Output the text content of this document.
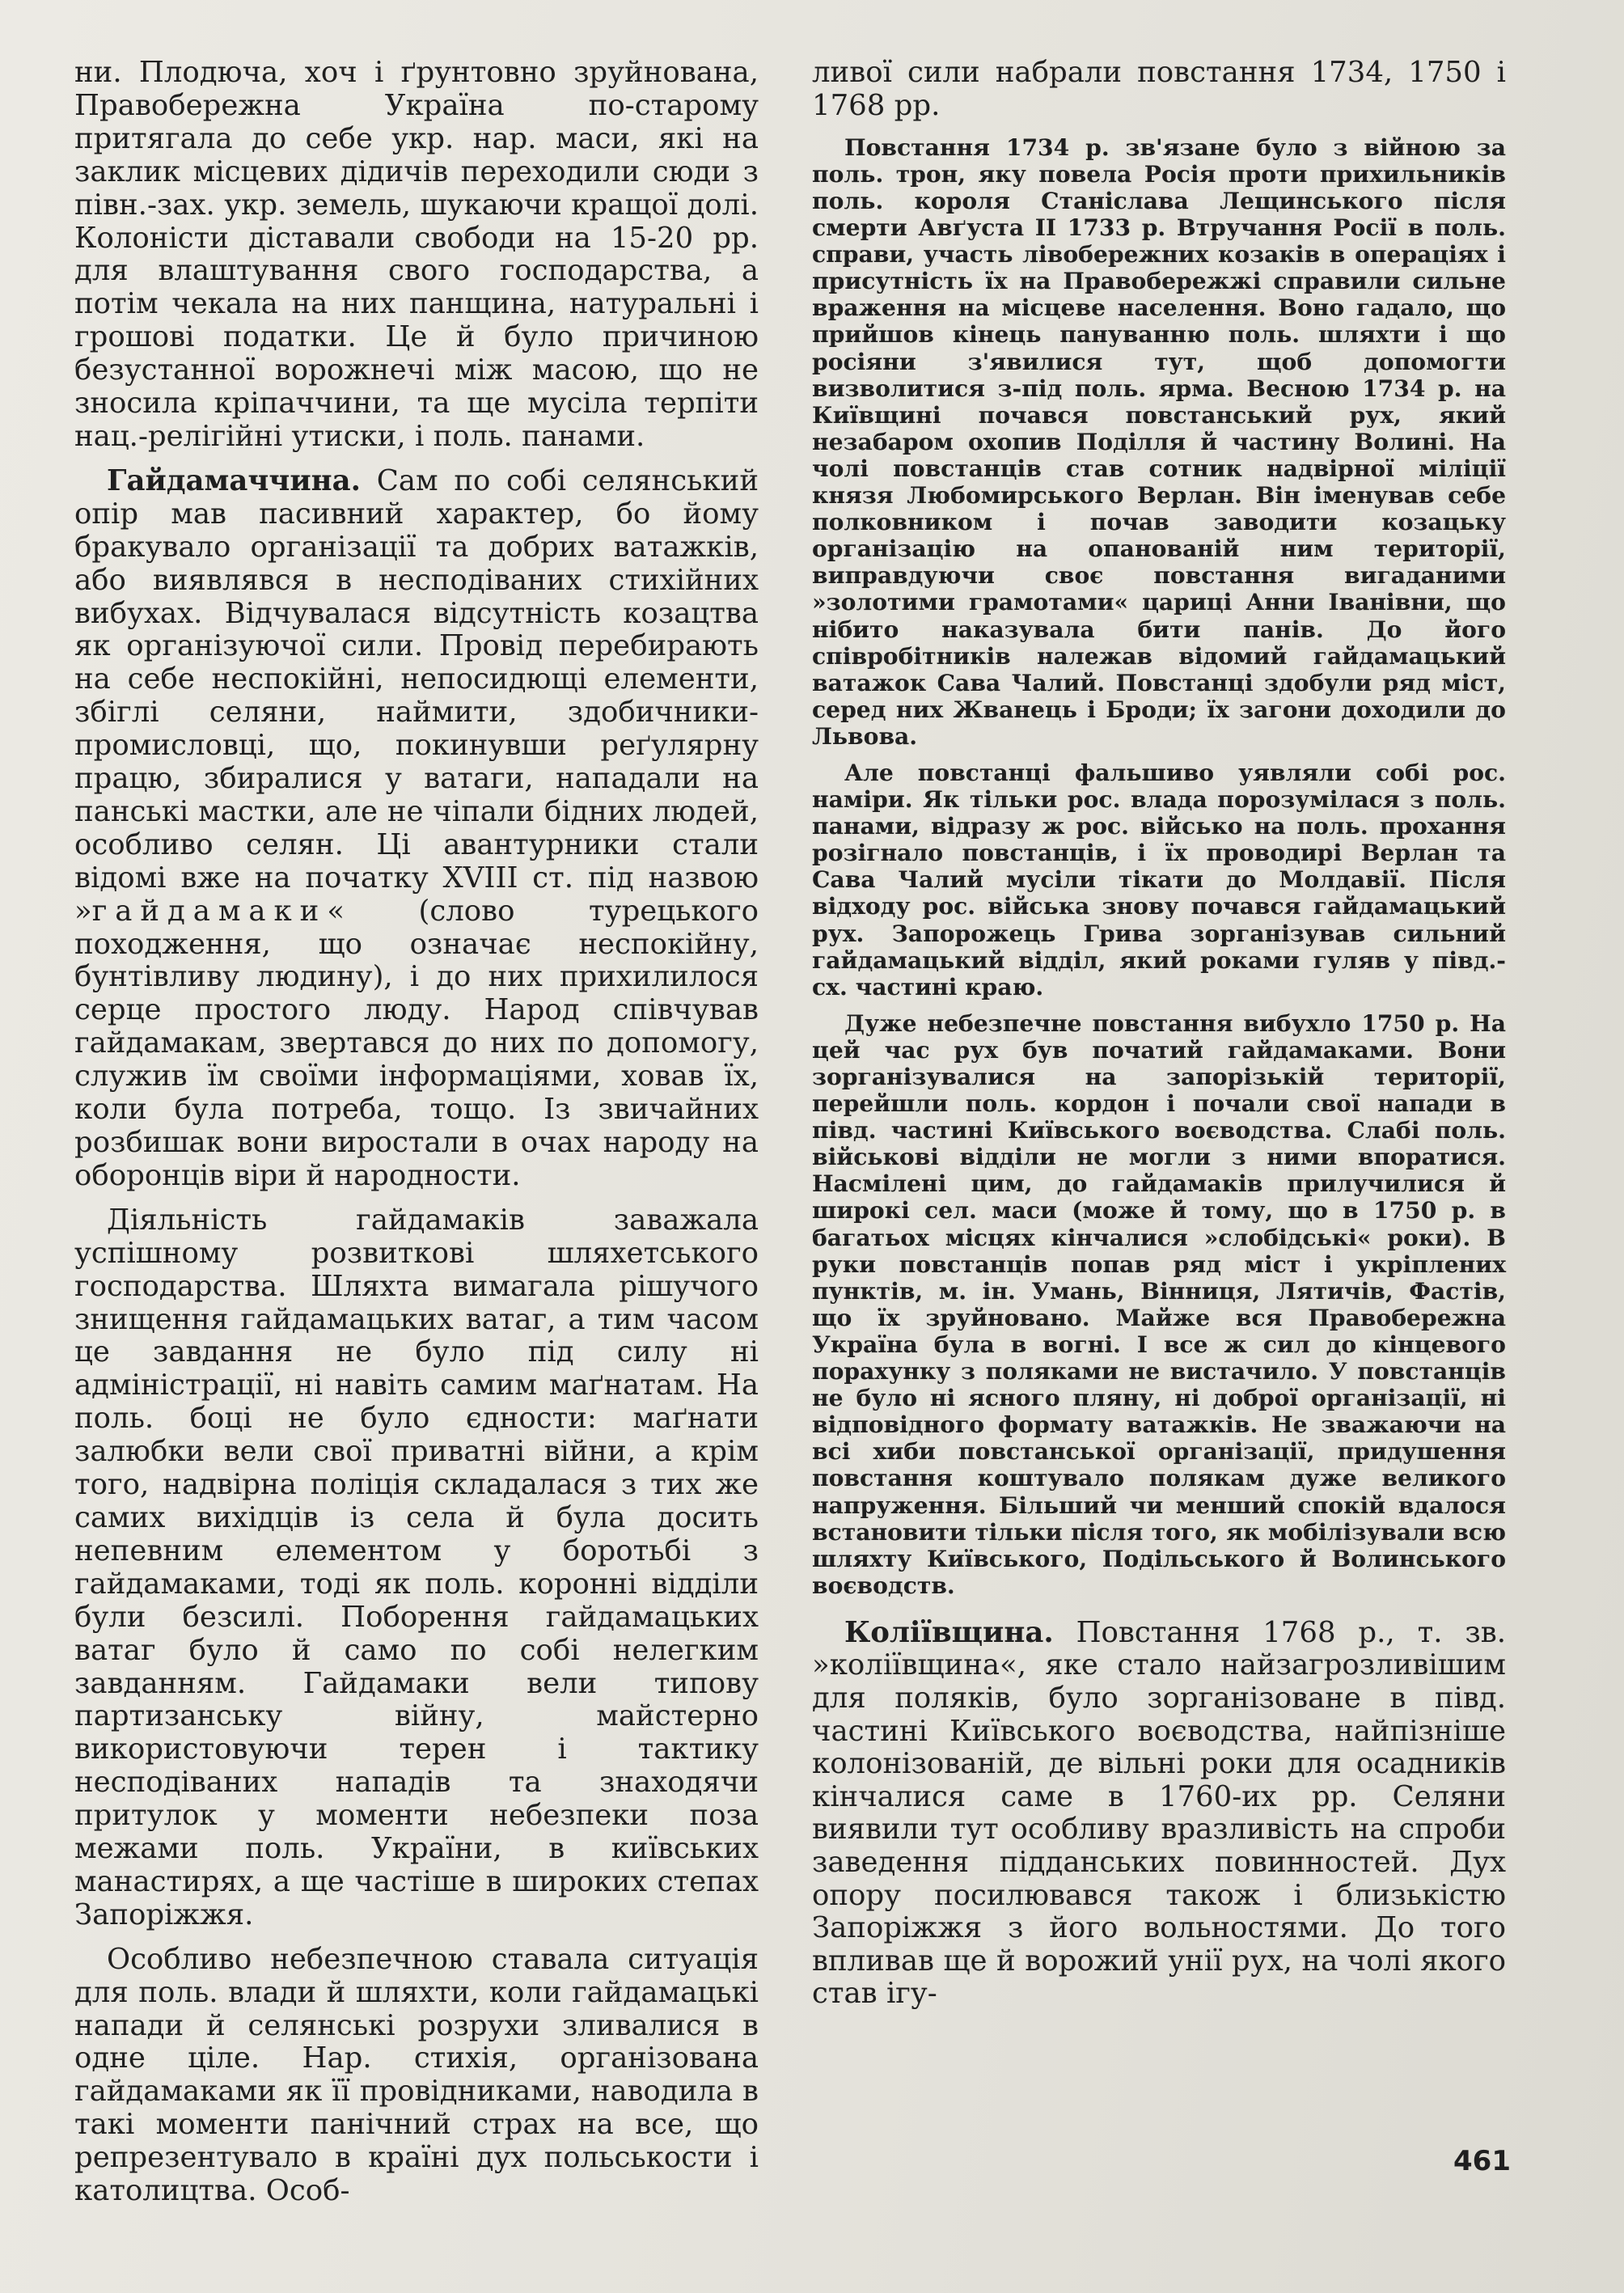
ни. Плодюча, хоч і ґрунтовно зруйнована, Правобережна Україна по-старому притягала до себе укр. нар. маси, які на заклик місцевих дідичів переходили сюди з півн.-зах. укр. земель, шукаючи кращої долі. Колоністи діставали свободи на 15-20 рр. для влаштування свого господарства, а потім чекала на них панщина, натуральні і грошові податки. Це й було причиною безустанної ворожнечі між масою, що не зносила кріпаччини, та ще мусіла терпіти нац.-релігійні утиски, і поль. панами.

Гайдамаччина. Сам по собі селянський опір мав пасивний характер, бо йому бракувало організації та добрих ватажків, або виявлявся в несподіваних стихійних вибухах. Відчувалася відсутність козацтва як організуючої сили. Провід перебирають на себе неспокійні, непосидющі елементи, збіглі селяни, наймити, здобичники-промисловці, що, покинувши реґулярну працю, збиралися у ватаги, нападали на панські мастки, але не чіпали бідних людей, особливо селян. Ці авантурники стали відомі вже на початку XVIII ст. під назвою »гайдамаки« (слово турецького походження, що означає неспокійну, бунтівливу людину), і до них прихилилося серце простого люду. Народ співчував гайдамакам, звертався до них по допомогу, служив їм своїми інформаціями, ховав їх, коли була потреба, тощо. Із звичайних розбишак вони виростали в очах народу на оборонців віри й народности.

Діяльність гайдамаків заважала успішному розвиткові шляхетського господарства. Шляхта вимагала рішучого знищення гайдамацьких ватаг, а тим часом це завдання не було під силу ні адміністрації, ні навіть самим маґнатам. На поль. боці не було єдности: маґнати залюбки вели свої приватні війни, а крім того, надвірна поліція складалася з тих же самих вихідців із села й була досить непевним елементом у боротьбі з гайдамаками, тоді як поль. коронні відділи були безсилі. Поборення гайдамацьких ватаг було й само по собі нелегким завданням. Гайдамаки вели типову партизанську війну, майстерно використовуючи терен і тактику несподіваних нападів та знаходячи притулок у моменти небезпеки поза межами поль. України, в київських манастирях, а ще частіше в широких степах Запоріжжя.

Особливо небезпечною ставала ситуація для поль. влади й шляхти, коли гайдамацькі напади й селянські розрухи зливалися в одне ціле. Нар. стихія, організована гайдамаками як її провідниками, наводила в такі моменти панічний страх на все, що репрезентувало в країні дух польськости і католицтва. Особ-

ливої сили набрали повстання 1734, 1750 і 1768 рр.

Повстання 1734 р. зв'язане було з війною за поль. трон, яку повела Росія проти прихильників поль. короля Станіслава Лещинського після смерти Авґуста II 1733 р. Втручання Росії в поль. справи, участь лівобережних козаків в операціях і присутність їх на Правобережжі справили сильне враження на місцеве населення. Воно гадало, що прийшов кінець пануванню поль. шляхти і що росіяни з'явилися тут, щоб допомогти визволитися з-під поль. ярма. Весною 1734 р. на Київщині почався повстанський рух, який незабаром охопив Поділля й частину Волині. На чолі повстанців став сотник надвірної міліції князя Любомирського Верлан. Він іменував себе полковником і почав заводити козацьку організацію на опанованій ним території, виправдуючи своє повстання вигаданими »золотими грамотами« цариці Анни Іванівни, що нібито наказувала бити панів. До його співробітників належав відомий гайдамацький ватажок Сава Чалий. Повстанці здобули ряд міст, серед них Жванець і Броди; їх загони доходили до Львова.

Але повстанці фальшиво уявляли собі рос. наміри. Як тільки рос. влада порозумілася з поль. панами, відразу ж рос. військо на поль. прохання розігнало повстанців, і їх проводирі Верлан та Сава Чалий мусіли тікати до Молдавії. Після відходу рос. війська знову почався гайдамацький рух. Запорожець Грива зорганізував сильний гайдамацький відділ, який роками гуляв у півд.-сх. частині краю.

Дуже небезпечне повстання вибухло 1750 р. На цей час рух був початий гайдамаками. Вони зорганізувалися на запорізькій території, перейшли поль. кордон і почали свої напади в півд. частині Київського воєводства. Слабі поль. військові відділи не могли з ними впоратися. Насмілені цим, до гайдамаків прилучилися й широкі сел. маси (може й тому, що в 1750 р. в багатьох місцях кінчалися »слобідські« роки). В руки повстанців попав ряд міст і укріплених пунктів, м. ін. Умань, Вінниця, Лятичів, Фастів, що їх зруйновано. Майже вся Правобережна Україна була в вогні. І все ж сил до кінцевого порахунку з поляками не вистачило. У повстанців не було ні ясного пляну, ні доброї організації, ні відповідного формату ватажків. Не зважаючи на всі хиби повстанської організації, придушення повстання коштувало полякам дуже великого напруження. Більший чи менший спокій вдалося встановити тільки після того, як мобілізували всю шляхту Київського, Подільського й Волинського воєводств.

Коліївщина. Повстання 1768 р., т. зв. »коліївщина«, яке стало найзагрозливішим для поляків, було зорганізоване в півд. частині Київського воєводства, найпізніше колонізованій, де вільні роки для осадників кінчалися саме в 1760-их рр. Селяни виявили тут особливу вразливість на спроби заведення підданських повинностей. Дух опору посилювався також і близькістю Запоріжжя з його вольностями. До того впливав ще й ворожий унії рух, на чолі якого став ігу-

461
